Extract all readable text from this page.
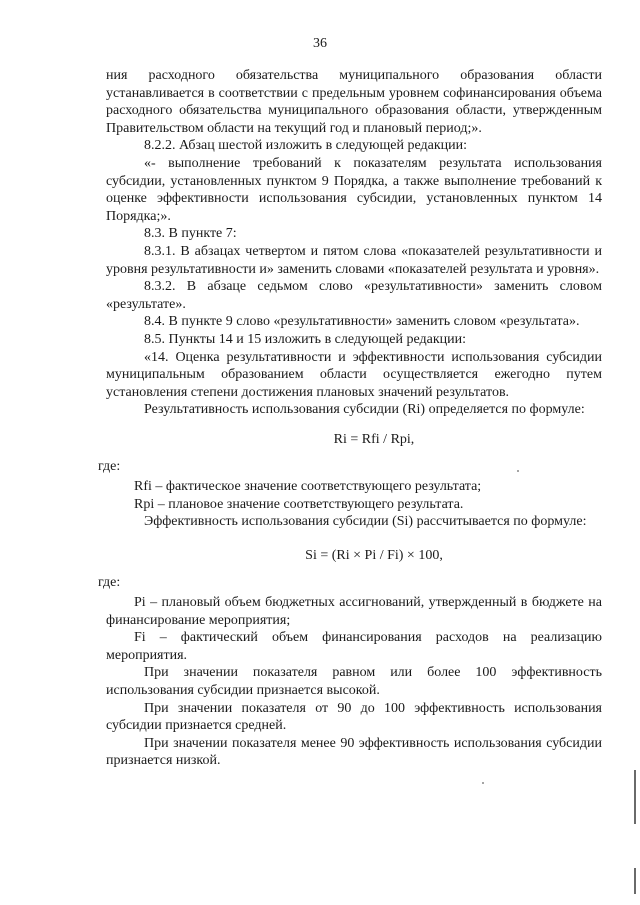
36

ния расходного обязательства муниципального образования области устанавливается в соответствии с предельным уровнем софинансирования объема расходного обязательства муниципального образования области, утвержденным Правительством области на текущий год и плановый период;».

8.2.2. Абзац шестой изложить в следующей редакции:

«- выполнение требований к показателям результата использования субсидии, установленных пунктом 9 Порядка, а также выполнение требований к оценке эффективности использования субсидии, установленных пунктом 14 Порядка;».

8.3. В пункте 7:

8.3.1. В абзацах четвертом и пятом слова «показателей результативности и уровня результативности и» заменить словами «показателей результата и уровня».

8.3.2. В абзаце седьмом слово «результативности» заменить словом «результате».

8.4. В пункте 9 слово «результативности» заменить словом «результата».

8.5. Пункты 14 и 15 изложить в следующей редакции:

«14. Оценка результативности и эффективности использования субсидии муниципальным образованием области осуществляется ежегодно путем установления степени достижения плановых значений результатов.

Результативность использования субсидии (Ri) определяется по формуле:

Ri = Rfi / Rpi,

где:

Rfi – фактическое значение соответствующего результата;

Rpi – плановое значение соответствующего результата.

Эффективность использования субсидии (Si) рассчитывается по формуле:

Si = (Ri × Pi / Fi) × 100,

где:

Pi – плановый объем бюджетных ассигнований, утвержденный в бюджете на финансирование мероприятия;

Fi – фактический объем финансирования расходов на реализацию мероприятия.

При значении показателя равном или более 100 эффективность использования субсидии признается высокой.

При значении показателя от 90 до 100 эффективность использования субсидии признается средней.

При значении показателя менее 90 эффективность использования субсидии признается низкой.
